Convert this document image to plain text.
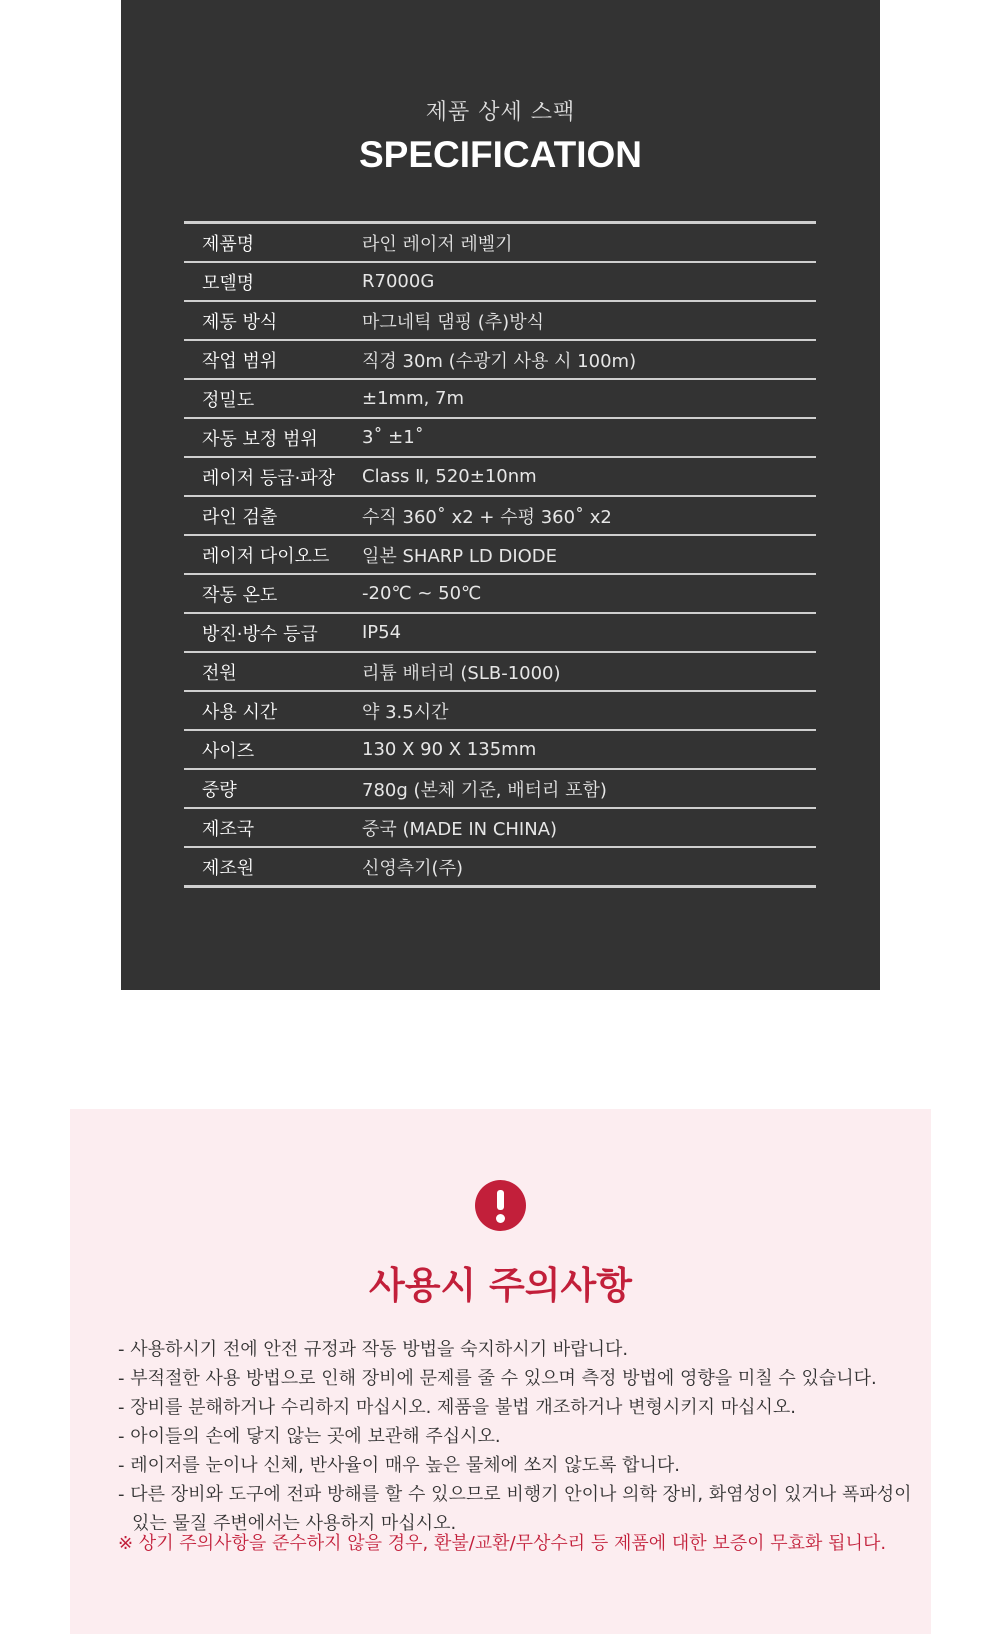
제품 상세 스팩
SPECIFICATION
제품명	라인 레이저 레벨기
모델명	R7000G
제동 방식	마그네틱 댐핑 (추)방식
작업 범위	직경 30m (수광기 사용 시 100m)
정밀도	±1mm, 7m
자동 보정 범위	3˚ ±1˚
레이저 등급·파장	Class Ⅱ, 520±10nm
라인 검출	수직 360˚ x2 + 수평 360˚ x2
레이저 다이오드	일본 SHARP LD DIODE
작동 온도	-20℃ ~ 50℃
방진·방수 등급	IP54
전원	리튬 배터리 (SLB-1000)
사용 시간	약 3.5시간
사이즈	130 X 90 X 135mm
중량	780g (본체 기준, 배터리 포함)
제조국	중국 (MADE IN CHINA)
제조원	신영측기(주)
사용시 주의사항
- 사용하시기 전에 안전 규정과 작동 방법을 숙지하시기 바랍니다.
- 부적절한 사용 방법으로 인해 장비에 문제를 줄 수 있으며 측정 방법에 영향을 미칠 수 있습니다.
- 장비를 분해하거나 수리하지 마십시오. 제품을 불법 개조하거나 변형시키지 마십시오.
- 아이들의 손에 닿지 않는 곳에 보관해 주십시오.
- 레이저를 눈이나 신체, 반사율이 매우 높은 물체에 쏘지 않도록 합니다.
- 다른 장비와 도구에 전파 방해를 할 수 있으므로 비행기 안이나 의학 장비, 화염성이 있거나 폭파성이 있는 물질 주변에서는 사용하지 마십시오.
※ 상기 주의사항을 준수하지 않을 경우, 환불/교환/무상수리 등 제품에 대한 보증이 무효화 됩니다.
